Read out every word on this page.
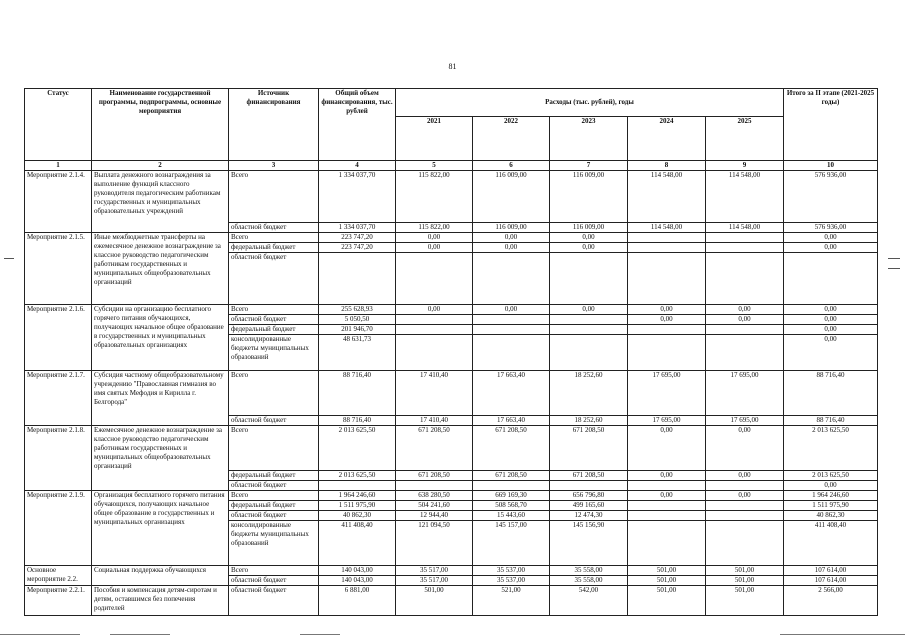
81
Статус	Наименование государственной программы, подпрограммы, основные мероприятия	Источник финансирования	Общий объем финансирования, тыс. рублей	Расходы (тыс. рублей), годы					Итого за II этапе (2021-2025 годы)
				2021	2022	2023	2024	2025	
1	2	3	4	5	6	7	8	9	10
Мероприятие 2.1.4.	Выплата денежного вознаграждения за выполнение функций классного руководителя педагогическим работникам государственных и муниципальных образовательных учреждений	Всего	1 334 037,70	115 822,00	116 009,00	116 009,00	114 548,00	114 548,00	576 936,00
		областной бюджет	1 334 037,70	115 822,00	116 009,00	116 009,00	114 548,00	114 548,00	576 936,00
Мероприятие 2.1.5.	Иные межбюджетные трансферты на ежемесячное денежное вознаграждение за классное руководство педагогическим работникам государственных и муниципальных общеобразовательных организаций	Всего	223 747,20	0,00	0,00	0,00			0,00
		федеральный бюджет	223 747,20	0,00	0,00	0,00			0,00
		областной бюджет							
Мероприятие 2.1.6.	Субсидии на организацию бесплатного горячего питания обучающихся, получающих начальное общее образование в государственных и муниципальных образовательных организациях	Всего	255 628,93	0,00	0,00	0,00	0,00	0,00	0,00
		областной бюджет	5 050,50				0,00	0,00	0,00
		федеральный бюджет	201 946,70						0,00
		консолидированные бюджеты муниципальных образований	48 631,73						0,00
Мероприятие 2.1.7.	Субсидия частному общеобразовательному учреждению "Православная гимназия во имя святых Мефодия и Кирилла г. Белгорода"	Всего	88 716,40	17 410,40	17 663,40	18 252,60	17 695,00	17 695,00	88 716,40
		областной бюджет	88 716,40	17 410,40	17 663,40	18 252,60	17 695,00	17 695,00	88 716,40
Мероприятие 2.1.8.	Ежемесячное денежное вознаграждение за классное руководство педагогическим работникам государственных и муниципальных общеобразовательных организаций	Всего	2 013 625,50	671 208,50	671 208,50	671 208,50	0,00	0,00	2 013 625,50
		федеральный бюджет	2 013 625,50	671 208,50	671 208,50	671 208,50	0,00	0,00	2 013 625,50
		областной бюджет							0,00
Мероприятие 2.1.9.	Организация бесплатного горячего питания обучающихся, получающих начальное общее образование в государственных и муниципальных организациях	Всего	1 964 246,60	638 280,50	669 169,30	656 796,80	0,00	0,00	1 964 246,60
		федеральный бюджет	1 511 975,90	504 241,60	508 568,70	499 165,60			1 511 975,90
		областной бюджет	40 862,30	12 944,40	15 443,60	12 474,30			40 862,30
		консолидированные бюджеты муниципальных образований	411 408,40	121 094,50	145 157,00	145 156,90			411 408,40
Основное мероприятие 2.2.	Социальная поддержка обучающихся	Всего	140 043,00	35 517,00	35 537,00	35 558,00	501,00	501,00	107 614,00
		областной бюджет	140 043,00	35 517,00	35 537,00	35 558,00	501,00	501,00	107 614,00
Мероприятие 2.2.1.	Пособия и компенсация детям-сиротам и детям, оставшимся без попечения родителей	областной бюджет	6 881,00	501,00	521,00	542,00	501,00	501,00	2 566,00
